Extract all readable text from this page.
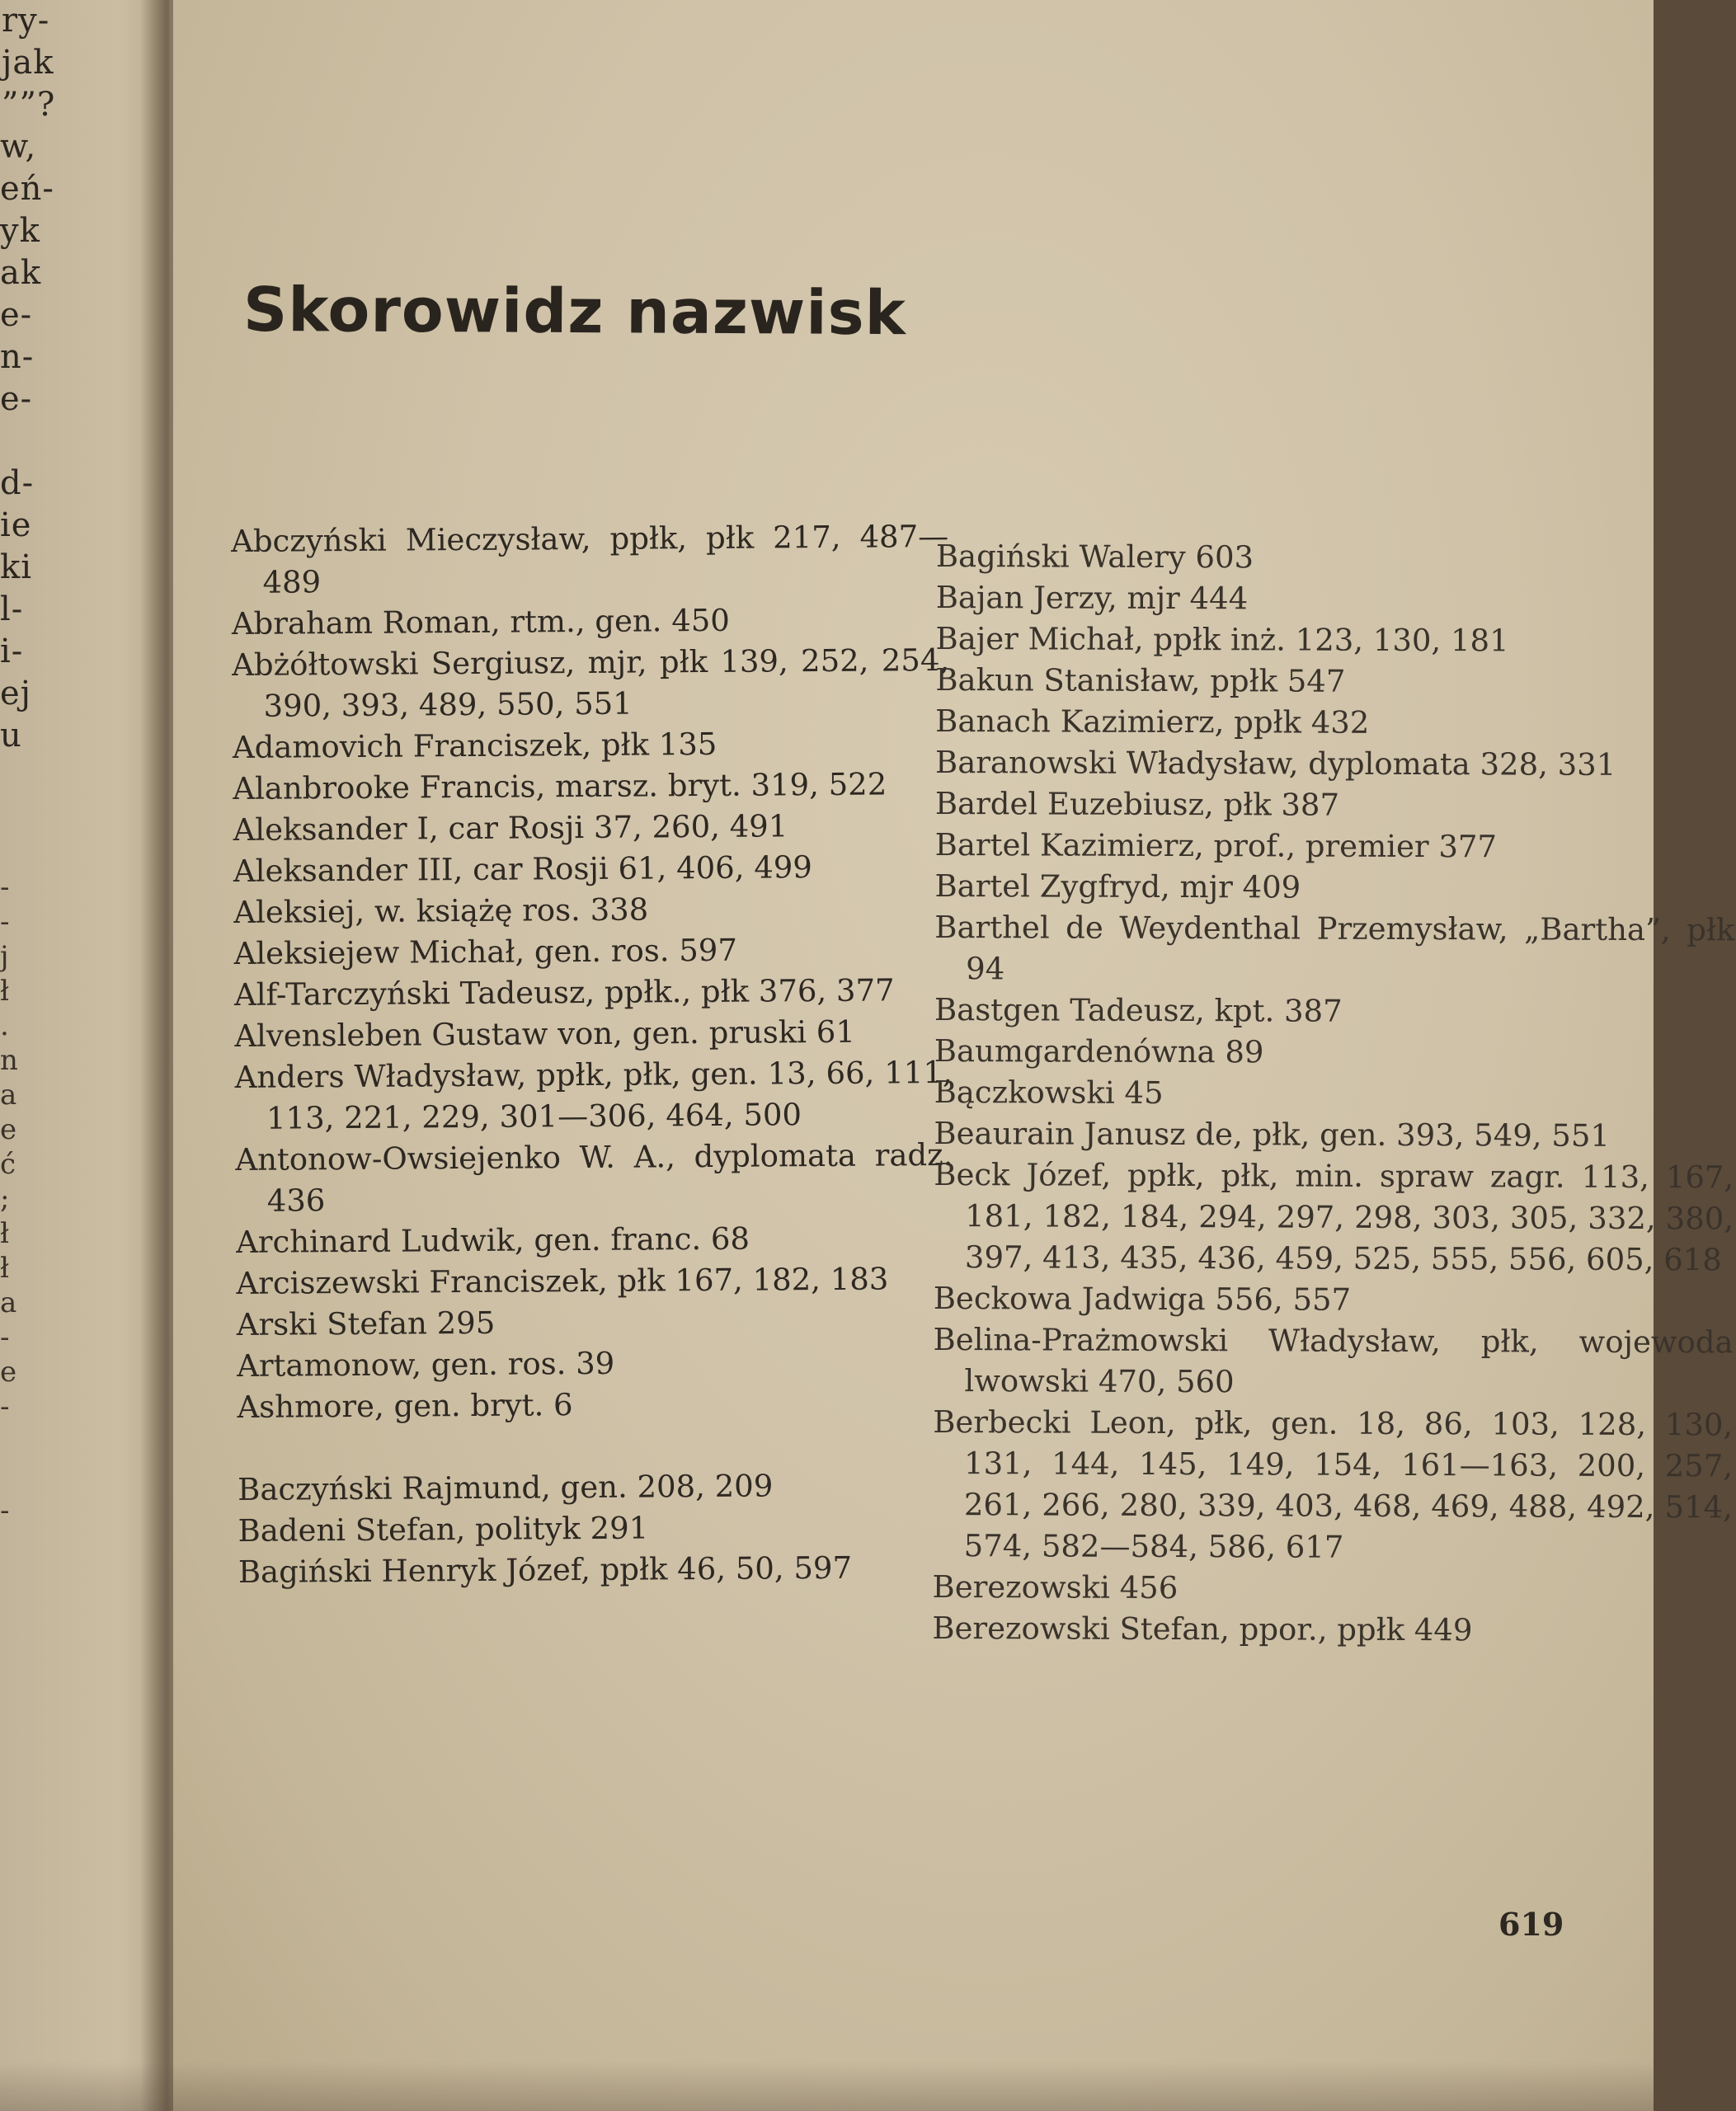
ry-
jak
””?
w,
eń-
yk
ak
e-
n-
e-
d-
ie
ki
l-
i-
ej
u
-
-
j
ł
.
n
a
e
ć
;
ł
ł
a
-
e
-
-
Skorowidz nazwisk

Abczyński Mieczysław, ppłk, płk 217, 487—489

Abraham Roman, rtm., gen. 450

Abżółtowski Sergiusz, mjr, płk 139, 252, 254, 390, 393, 489, 550, 551

Adamovich Franciszek, płk 135

Alanbrooke Francis, marsz. bryt. 319, 522

Aleksander I, car Rosji 37, 260, 491

Aleksander III, car Rosji 61, 406, 499

Aleksiej, w. książę ros. 338

Aleksiejew Michał, gen. ros. 597

Alf-Tarczyński Tadeusz, ppłk., płk 376, 377

Alvensleben Gustaw von, gen. pruski 61

Anders Władysław, ppłk, płk, gen. 13, 66, 111, 113, 221, 229, 301—306, 464, 500

Antonow-Owsiejenko W. A., dyplomata radz. 436

Archinard Ludwik, gen. franc. 68

Arciszewski Franciszek, płk 167, 182, 183

Arski Stefan 295

Artamonow, gen. ros. 39

Ashmore, gen. bryt. 6

Baczyński Rajmund, gen. 208, 209

Badeni Stefan, polityk 291

Bagiński Henryk Józef, ppłk 46, 50, 597

Bagiński Walery 603

Bajan Jerzy, mjr 444

Bajer Michał, ppłk inż. 123, 130, 181

Bakun Stanisław, ppłk 547

Banach Kazimierz, ppłk 432

Baranowski Władysław, dyplomata 328, 331

Bardel Euzebiusz, płk 387

Bartel Kazimierz, prof., premier 377

Bartel Zygfryd, mjr 409

Barthel de Weydenthal Przemysław, „Bartha”, płk 94

Bastgen Tadeusz, kpt. 387

Baumgardenówna 89

Bączkowski 45

Beaurain Janusz de, płk, gen. 393, 549, 551

Beck Józef, ppłk, płk, min. spraw zagr. 113, 167, 181, 182, 184, 294, 297, 298, 303, 305, 332, 380, 397, 413, 435, 436, 459, 525, 555, 556, 605, 618

Beckowa Jadwiga 556, 557

Belina-Prażmowski Władysław, płk, wojewoda lwowski 470, 560

Berbecki Leon, płk, gen. 18, 86, 103, 128, 130, 131, 144, 145, 149, 154, 161—163, 200, 257, 261, 266, 280, 339, 403, 468, 469, 488, 492, 514, 574, 582—584, 586, 617

Berezowski 456

Berezowski Stefan, ppor., ppłk 449

619
